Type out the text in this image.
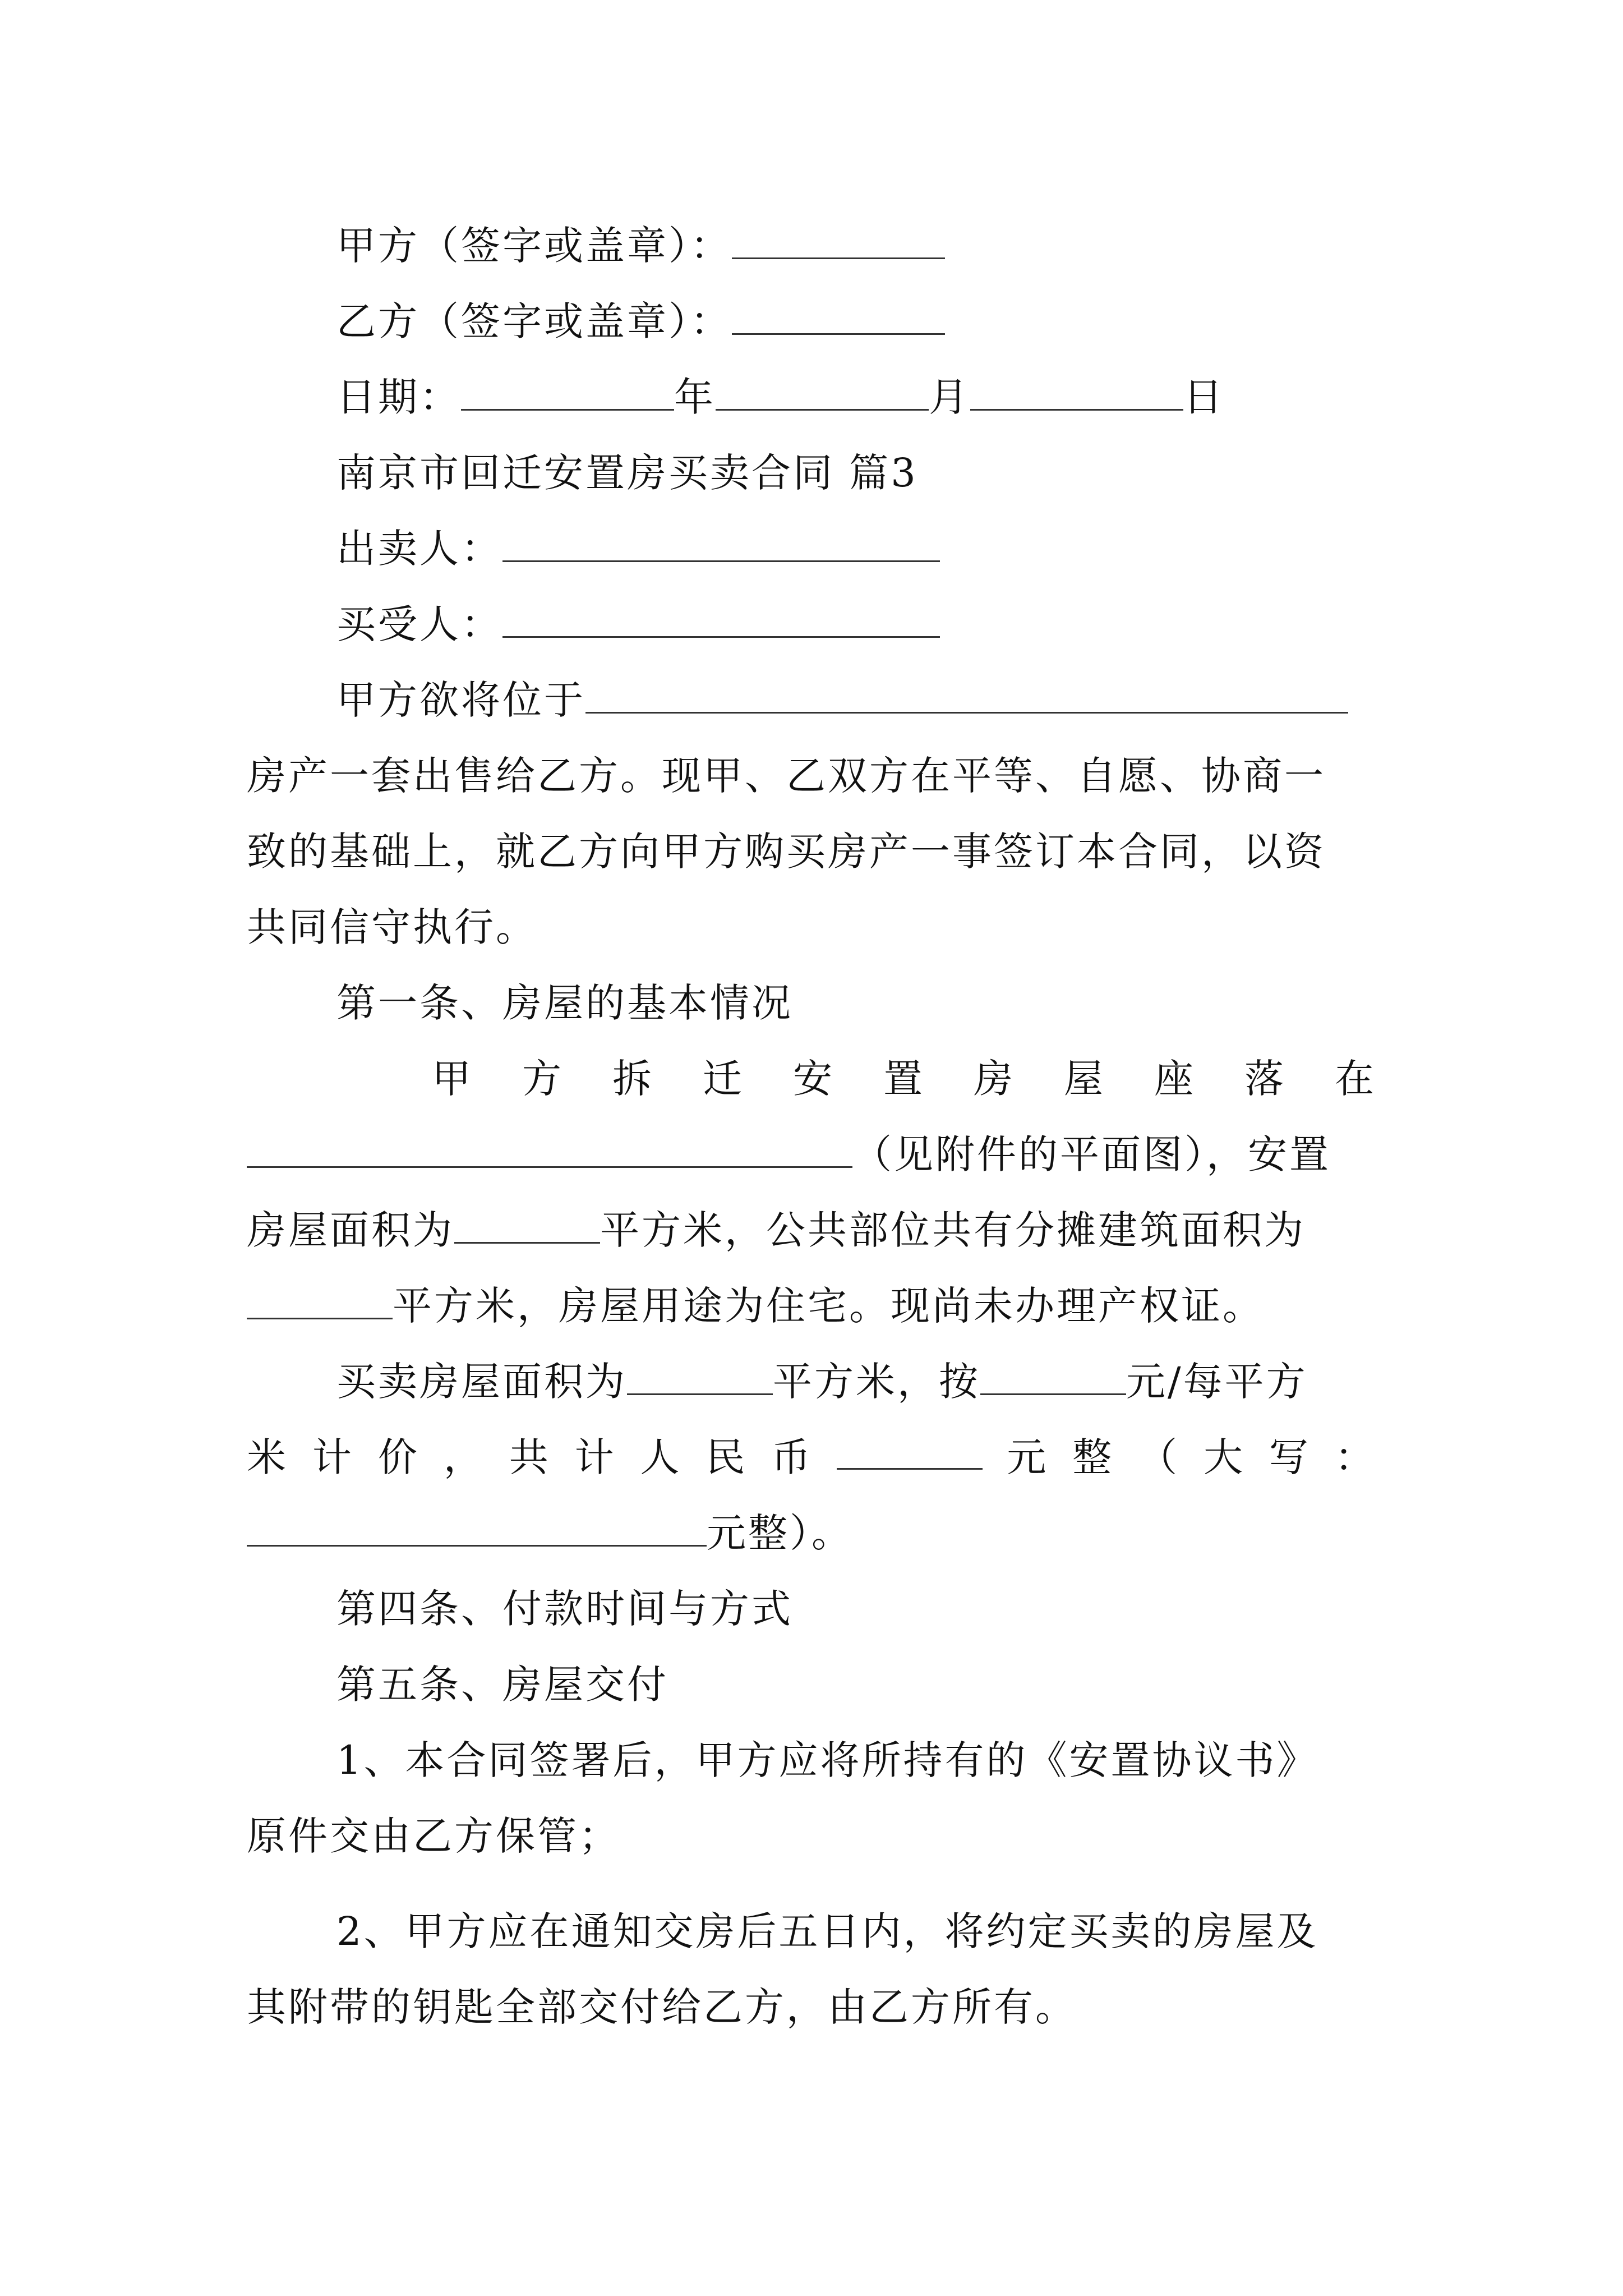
甲方（签字或盖章）：
乙方（签字或盖章）：
日期：	年	月	日
南京市回迁安置房买卖合同 篇3
出卖人：
买受人：
甲方欲将位于
房产一套出售给乙方。现甲、乙双方在平等、自愿、协商一
致的基础上，就乙方向甲方购买房产一事签订本合同，以资
共同信守执行。
第一条、房屋的基本情况
甲 方 拆 迁 安 置 房 屋 座 落 在
（见附件的平面图），安置
房屋面积为	平方米，公共部位共有分摊建筑面积为
平方米，房屋用途为住宅。现尚未办理产权证。
买卖房屋面积为	平方米，按	元/每平方
米 计 价 ， 共 计 人 民 币	元 整 （ 大 写 ：
元整）。
第四条、付款时间与方式
第五条、房屋交付
1、本合同签署后，甲方应将所持有的《安置协议书》
原件交由乙方保管；
2、甲方应在通知交房后五日内，将约定买卖的房屋及
其附带的钥匙全部交付给乙方，由乙方所有。
